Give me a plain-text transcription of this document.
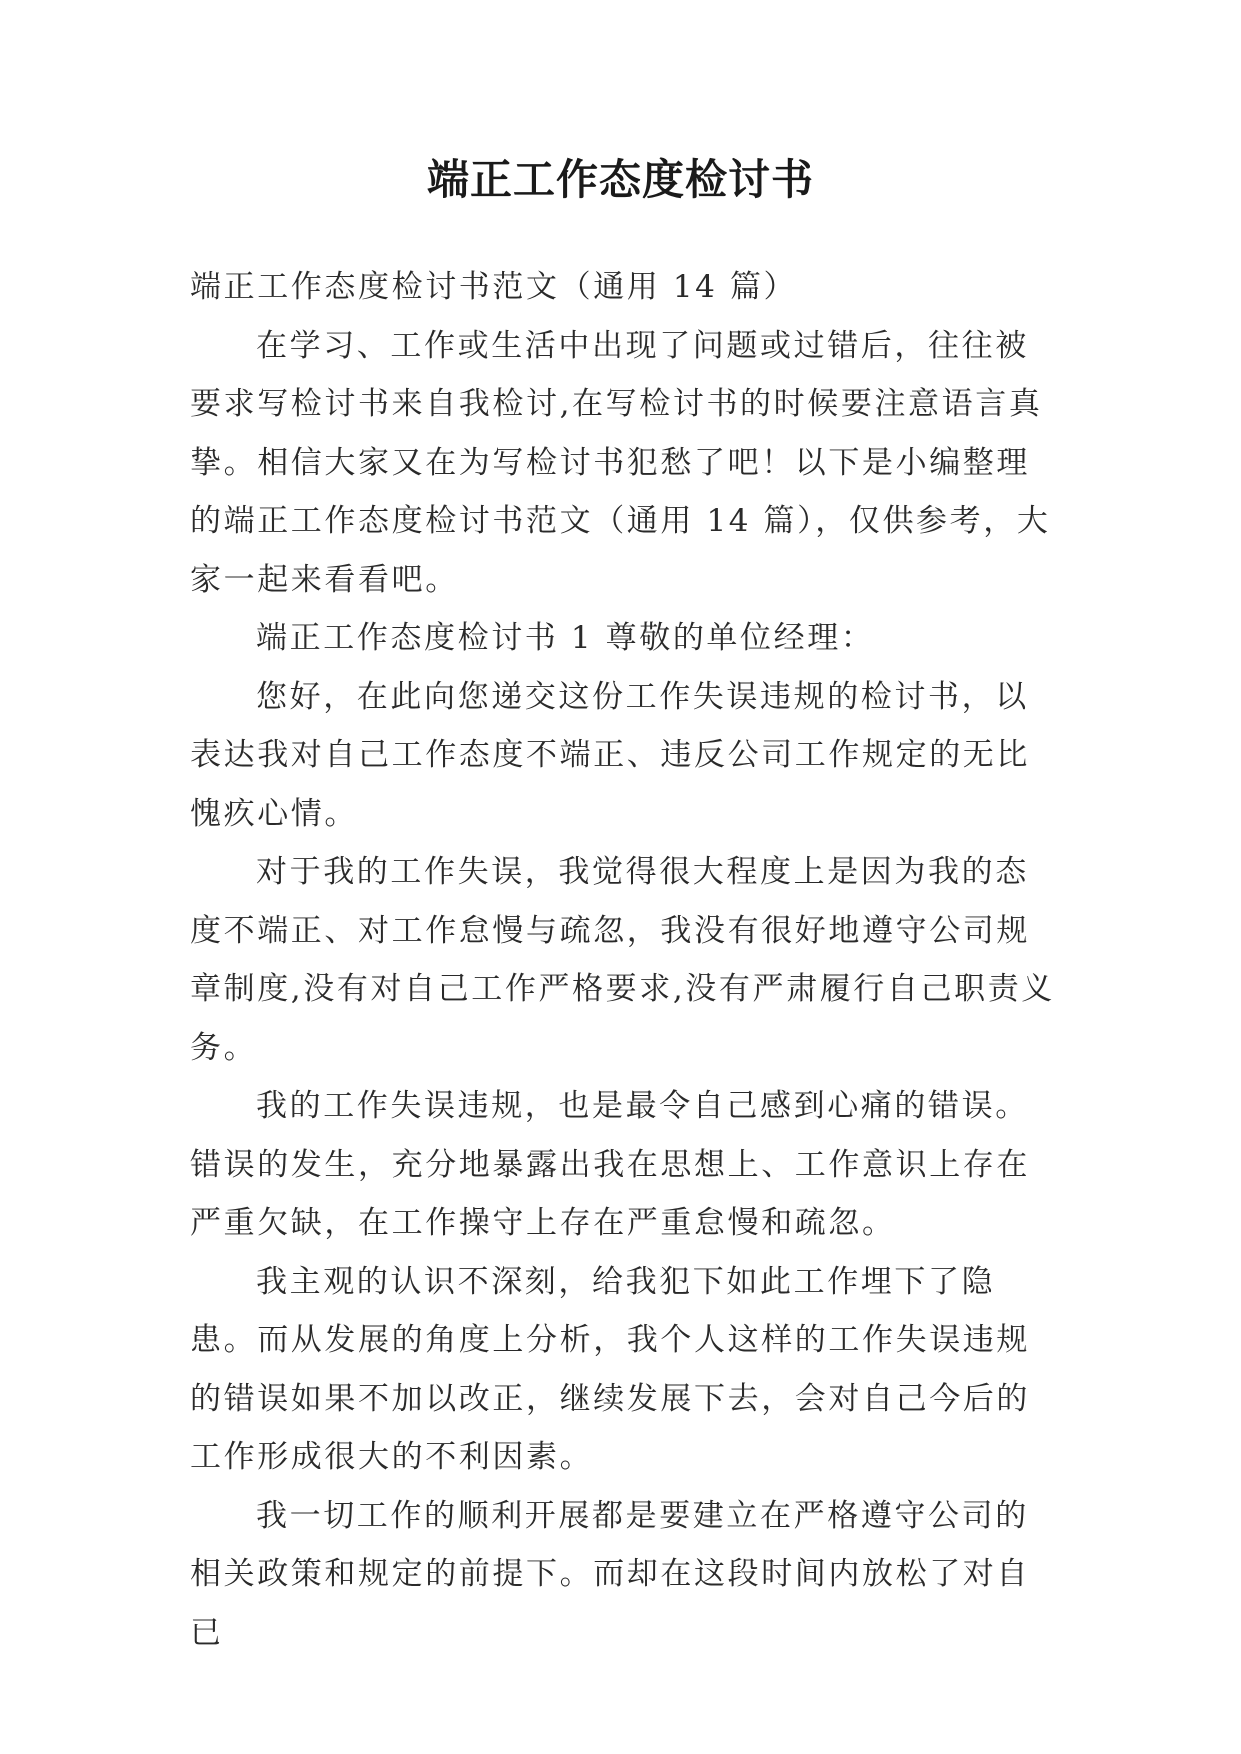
端正工作态度检讨书

端正工作态度检讨书范文（通用 14 篇）

在学习、工作或生活中出现了问题或过错后，往往被要求写检讨书来自我检讨,在写检讨书的时候要注意语言真挚。相信大家又在为写检讨书犯愁了吧！以下是小编整理的端正工作态度检讨书范文（通用 14 篇），仅供参考，大家一起来看看吧。

端正工作态度检讨书 1 尊敬的单位经理：

您好，在此向您递交这份工作失误违规的检讨书，以表达我对自己工作态度不端正、违反公司工作规定的无比愧疚心情。

对于我的工作失误，我觉得很大程度上是因为我的态度不端正、对工作怠慢与疏忽，我没有很好地遵守公司规章制度,没有对自己工作严格要求,没有严肃履行自己职责义务。

我的工作失误违规，也是最令自己感到心痛的错误。错误的发生，充分地暴露出我在思想上、工作意识上存在严重欠缺，在工作操守上存在严重怠慢和疏忽。

我主观的认识不深刻，给我犯下如此工作埋下了隐患。而从发展的角度上分析，我个人这样的工作失误违规的错误如果不加以改正，继续发展下去，会对自己今后的工作形成很大的不利因素。

我一切工作的顺利开展都是要建立在严格遵守公司的相关政策和规定的前提下。而却在这段时间内放松了对自已
